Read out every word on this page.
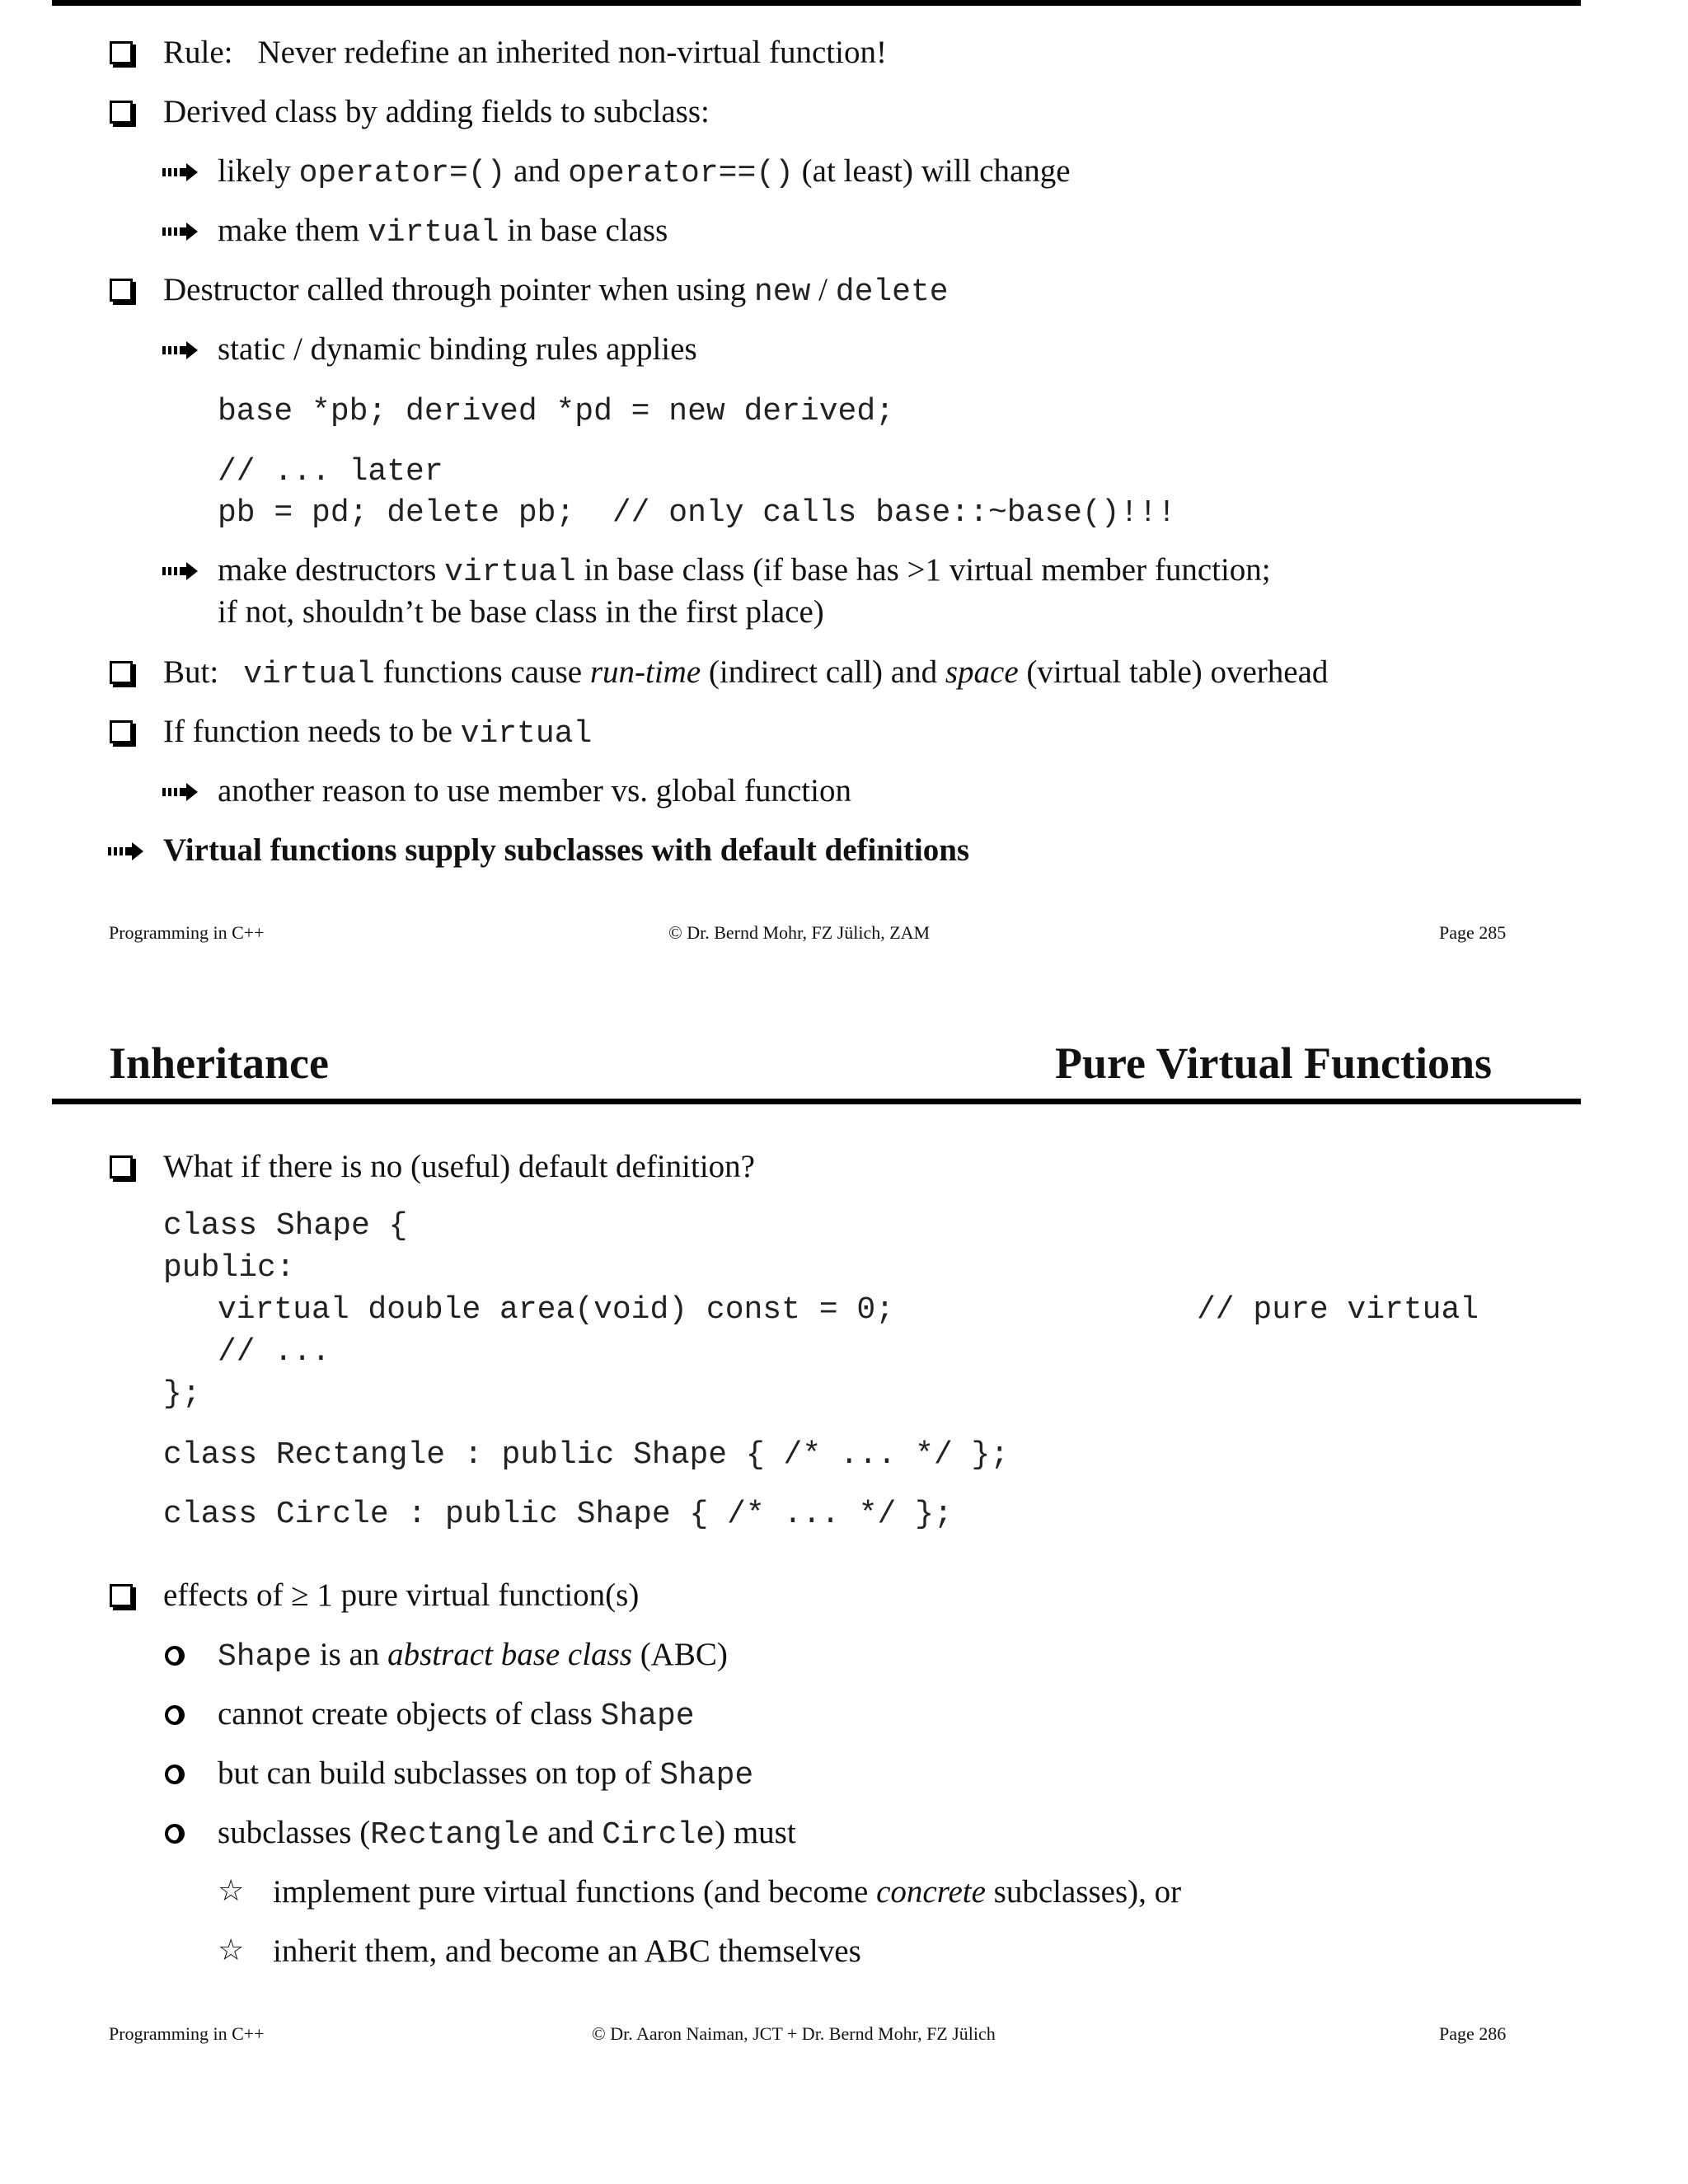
Rule: Never redefine an inherited non-virtual function!
Derived class by adding fields to subclass:
likely operator=() and operator==() (at least) will change
make them virtual in base class
Destructor called through pointer when using new / delete
static / dynamic binding rules applies
base *pb; derived *pd = new derived;
// ... later
pb = pd; delete pb;  // only calls base::~base()!!!
make destructors virtual in base class (if base has >1 virtual member function;
if not, shouldn’t be base class in the first place)
But: virtual functions cause run-time (indirect call) and space (virtual table) overhead
If function needs to be virtual
another reason to use member vs. global function
Virtual functions supply subclasses with default definitions
Programming in C++	© Dr. Bernd Mohr, FZ Jülich, ZAM	Page 285
Inheritance	Pure Virtual Functions
What if there is no (useful) default definition?
class Shape {
public:
virtual double area(void) const = 0;	// pure virtual
// ...
};
class Rectangle : public Shape { /* ... */ };
class Circle : public Shape { /* ... */ };
effects of ≥ 1 pure virtual function(s)
Shape is an abstract base class (ABC)
cannot create objects of class Shape
but can build subclasses on top of Shape
subclasses (Rectangle and Circle) must
☆ implement pure virtual functions (and become concrete subclasses), or
☆ inherit them, and become an ABC themselves
Programming in C++	© Dr. Aaron Naiman, JCT + Dr. Bernd Mohr, FZ Jülich	Page 286
